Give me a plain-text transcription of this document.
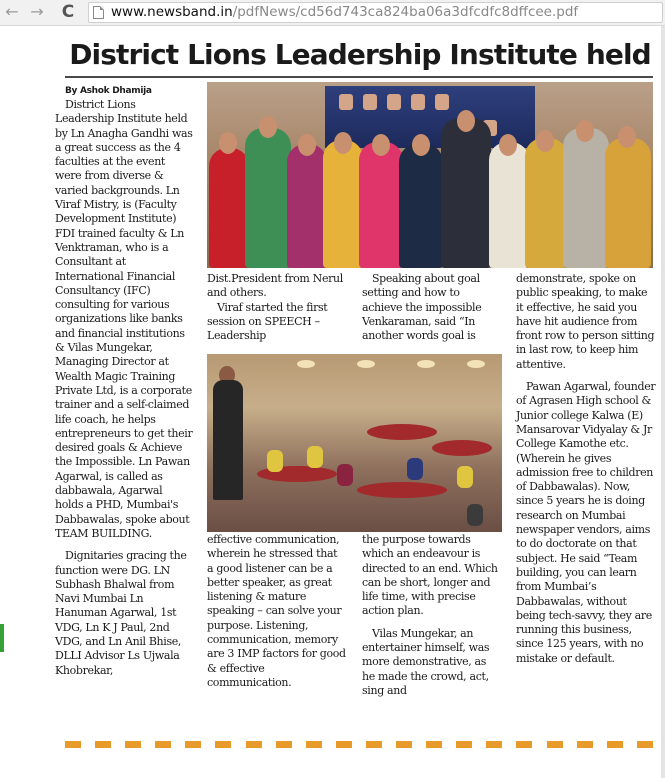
← → C	www.newsband.in/pdfNews/cd56d743ca824ba06a3dfcdfc8dffcee.pdf
District Lions Leadership Institute held

By Ashok Dhamija

District Lions Leadership Institute held by Ln Anagha Gandhi was a great success as the 4 faculties at the event were from diverse & varied backgrounds. Ln Viraf Mistry, is (Faculty Development Institute) FDI trained faculty & Ln Venktraman, who is a Consultant at International Financial Consultancy (IFC) consulting for various organizations like banks and financial institutions & Vilas Mungekar, Managing Director at Wealth Magic Training Private Ltd, is a corporate trainer and a self-claimed life coach, he helps entrepreneurs to get their desired goals & Achieve the Impossible. Ln Pawan Agarwal, is called as dabbawala, Agarwal holds a PHD, Mumbai's Dabbawalas, spoke about TEAM BUILDING.

Dignitaries gracing the function were DG. LN Subhash Bhalwal from Navi Mumbai Ln Hanuman Agarwal, 1st VDG, Ln K J Paul, 2nd VDG, and Ln Anil Bhise, DLLI Advisor Ls Ujwala Khobrekar,

Dist.President from Nerul and others.

Viraf started the first session on SPEECH – Leadership

Speaking about goal setting and how to achieve the impossible Venkaraman, said “In another words goal is

demonstrate, spoke on public speaking, to make it effective, he said you have hit audience from front row to person sitting in last row, to keep him attentive.

Pawan Agarwal, founder of Agrasen High school & Junior college Kalwa (E) Mansarovar Vidyalay & Jr College Kamothe etc. (Wherein he gives admission free to children of Dabbawalas). Now, since 5 years he is doing research on Mumbai newspaper vendors, aims to do doctorate on that subject. He said “Team building, you can learn from Mumbai’s Dabbawalas, without being tech-savvy, they are running this business, since 125 years, with no mistake or default.

effective communication, wherein he stressed that a good listener can be a better speaker, as great listening & mature speaking – can solve your purpose. Listening, communication, memory are 3 IMP factors for good & effective communication.

the purpose towards which an endeavour is directed to an end. Which can be short, longer and life time, with precise action plan.

Vilas Mungekar, an entertainer himself, was more demonstrative, as he made the crowd, act, sing and
